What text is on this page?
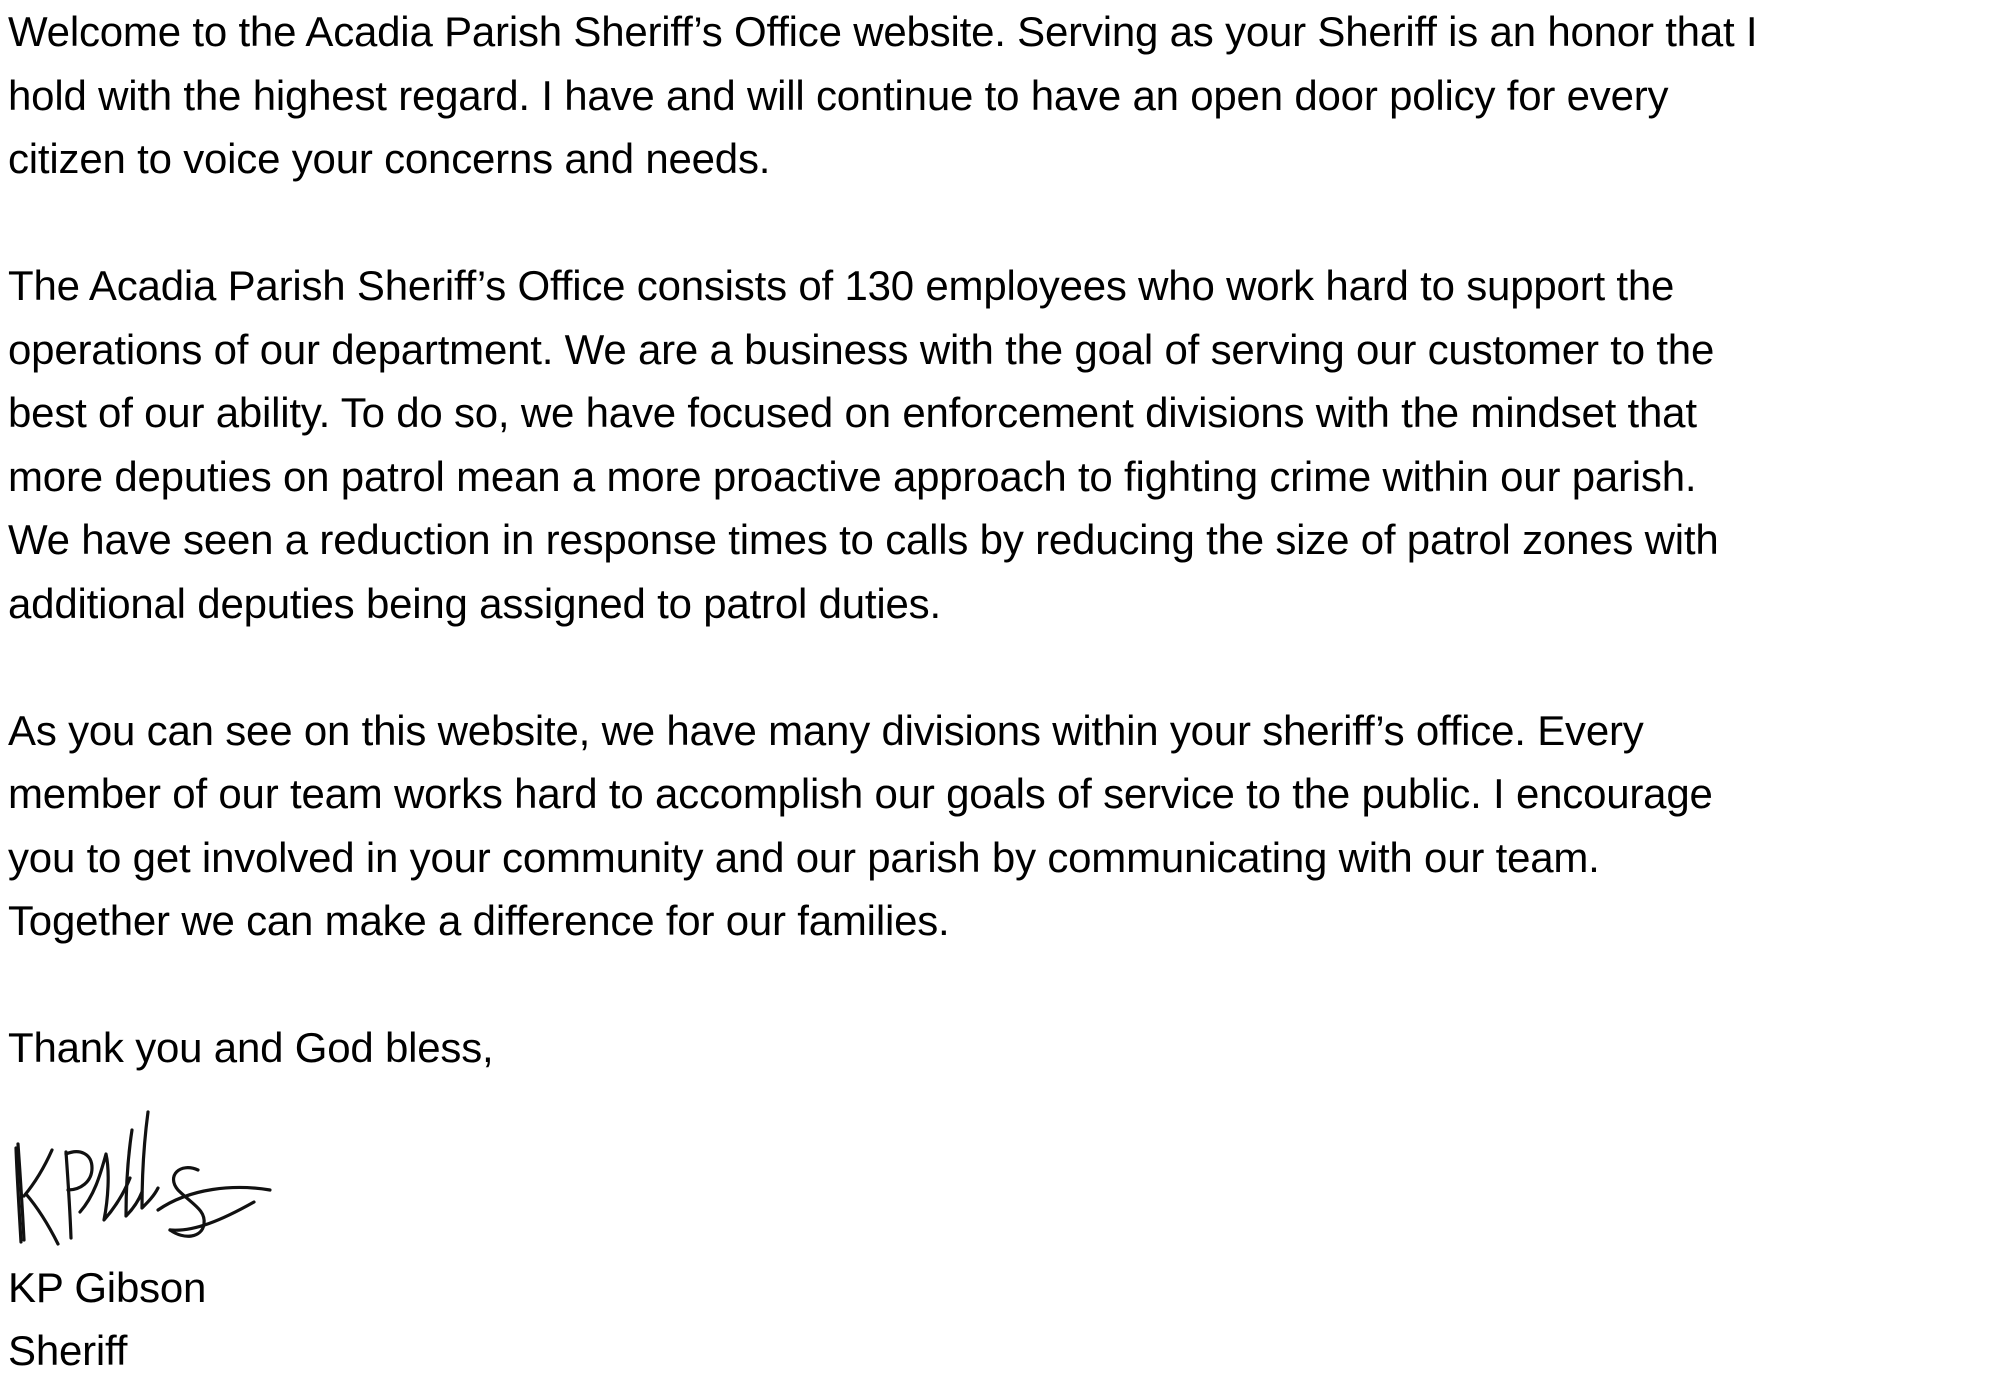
Welcome to the Acadia Parish Sheriff’s Office website. Serving as your Sheriff is an honor that I
hold with the highest regard. I have and will continue to have an open door policy for every
citizen to voice your concerns and needs.
The Acadia Parish Sheriff’s Office consists of 130 employees who work hard to support the
operations of our department. We are a business with the goal of serving our customer to the
best of our ability. To do so, we have focused on enforcement divisions with the mindset that
more deputies on patrol mean a more proactive approach to fighting crime within our parish.
We have seen a reduction in response times to calls by reducing the size of patrol zones with
additional deputies being assigned to patrol duties.
As you can see on this website, we have many divisions within your sheriff’s office. Every
member of our team works hard to accomplish our goals of service to the public. I encourage
you to get involved in your community and our parish by communicating with our team.
Together we can make a difference for our families.
Thank you and God bless,
KP Gibson
Sheriff
